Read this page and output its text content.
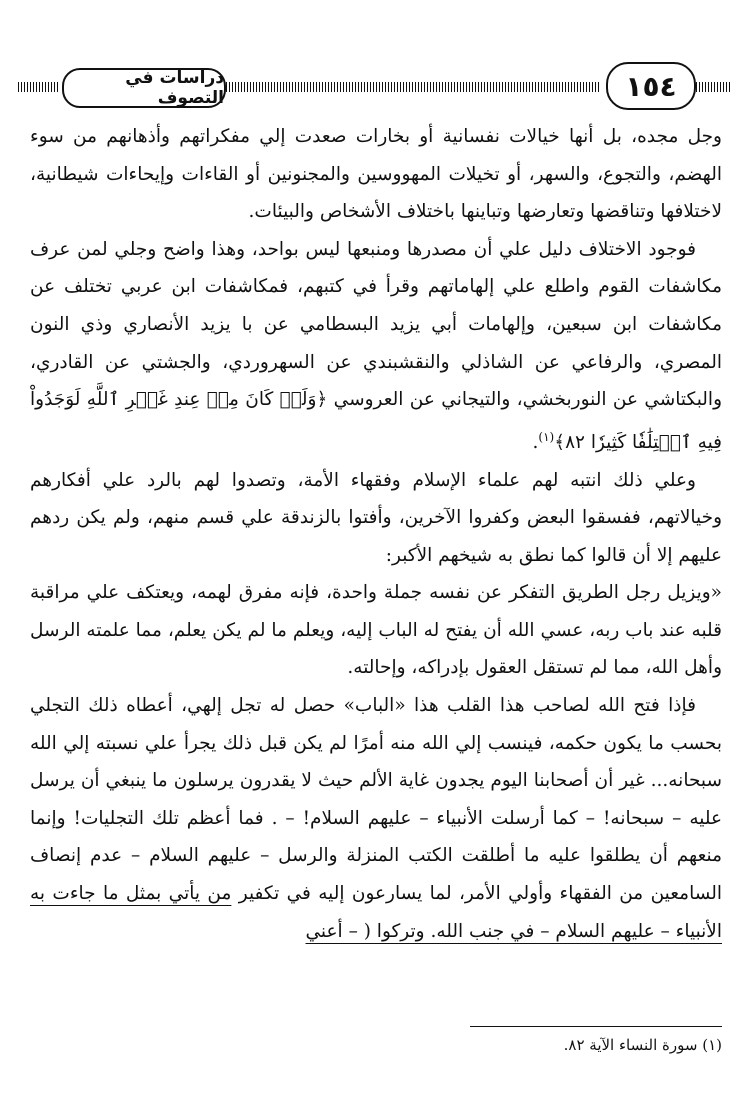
دراسات في التصوف	١٥٤

وجل مجده، بل أنها خيالات نفسانية أو بخارات صعدت إلي مفكراتهم وأذهانهم من سوء الهضم، والتجوع، والسهر، أو تخيلات المهووسين والمجنونين أو القاءات وإيحاءات شيطانية، لاختلافها وتناقضها وتعارضها وتباينها باختلاف الأشخاص والبيئات.

فوجود الاختلاف دليل علي أن مصدرها ومنبعها ليس بواحد، وهذا واضح وجلي لمن عرف مكاشفات القوم واطلع علي إلهاماتهم وقرأ في كتبهم، فمكاشفات ابن عربي تختلف عن مكاشفات ابن سبعين، وإلهامات أبي يزيد البسطامي عن با يزيد الأنصاري وذي النون المصري، والرفاعي عن الشاذلي والنقشبندي عن السهروردي، والجشتي عن القادري، والبكتاشي عن النوربخشي، والتيجاني عن العروسي ﴿وَلَوۡ كَانَ مِنۡ عِندِ غَيۡرِ ٱللَّهِ لَوَجَدُواْ فِيهِ ٱخۡتِلَٰفٗا كَثِيرٗا ٨٢﴾$^{(١)}$.

وعلي ذلك انتبه لهم علماء الإسلام وفقهاء الأمة، وتصدوا لهم بالرد علي أفكارهم وخيالاتهم، ففسقوا البعض وكفروا الآخرين، وأفتوا بالزندقة علي قسم منهم، ولم يكن ردهم عليهم إلا أن قالوا كما نطق به شيخهم الأكبر:

«ويزيل رجل الطريق التفكر عن نفسه جملة واحدة، فإنه مفرق لهمه، ويعتكف علي مراقبة قلبه عند باب ربه، عسي الله أن يفتح له الباب إليه، ويعلم ما لم يكن يعلم، مما علمته الرسل وأهل الله، مما لم تستقل العقول بإدراكه، وإحالته.

فإذا فتح الله لصاحب هذا القلب هذا «الباب» حصل له تجل إلهي، أعطاه ذلك التجلي بحسب ما يكون حكمه، فينسب إلي الله منه أمرًا لم يكن قبل ذلك يجرأ علي نسبته إلي الله سبحانه... غير أن أصحابنا اليوم يجدون غاية الألم حيث لا يقدرون يرسلون ما ينبغي أن يرسل عليه – سبحانه! – كما أرسلت الأنبياء – عليهم السلام! – . فما أعظم تلك التجليات! وإنما منعهم أن يطلقوا عليه ما أطلقت الكتب المنزلة والرسل – عليهم السلام – عدم إنصاف السامعين من الفقهاء وأولي الأمر، لما يسارعون إليه في تكفير من يأتي بمثل ما جاءت به الأنبياء – عليهم السلام – في جنب الله. وتركوا ( – أعني

(١) سورة النساء الآية ٨٢.
